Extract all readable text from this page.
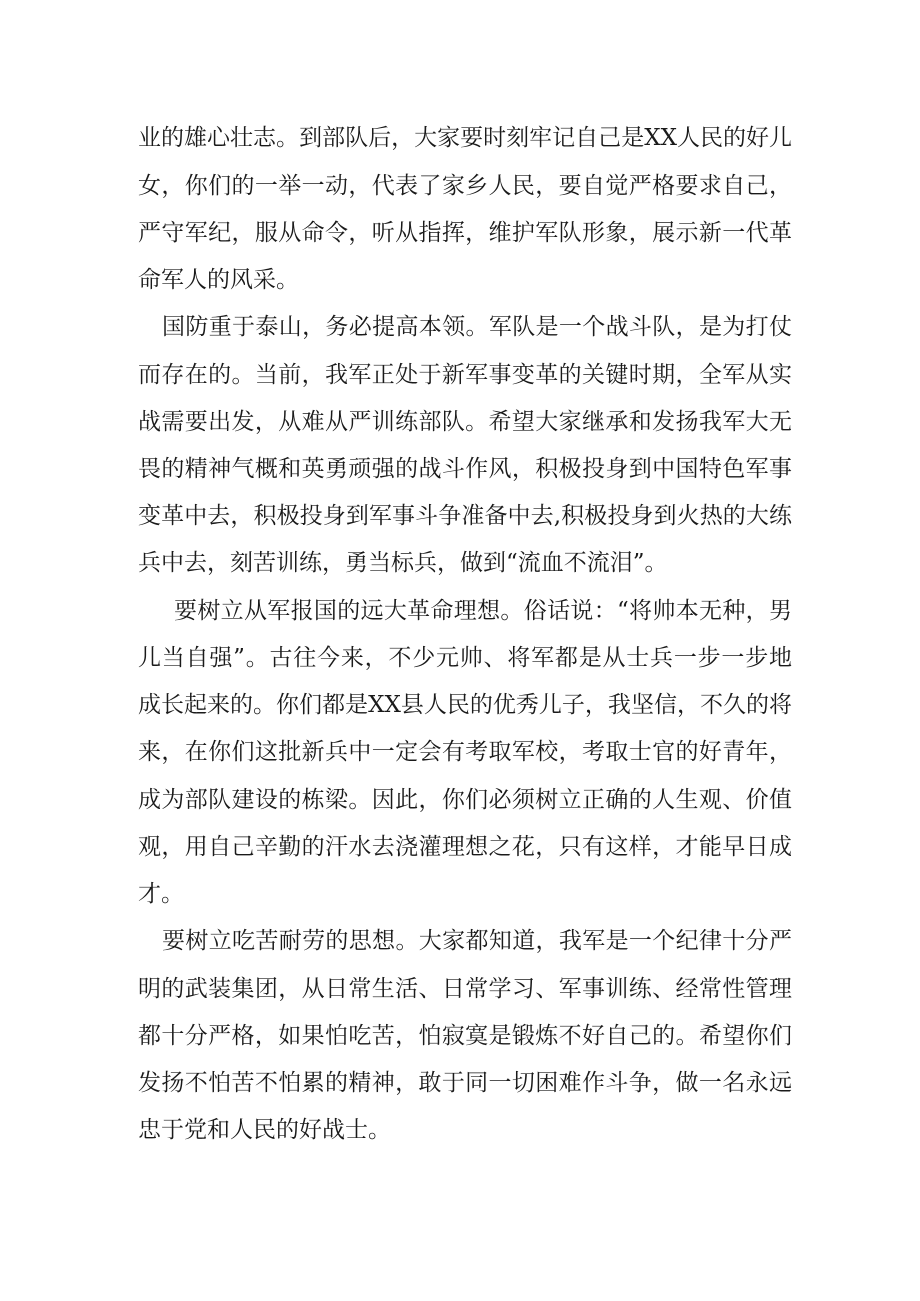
业的雄心壮志。到部队后，大家要时刻牢记自己是XX人民的好儿
女，你们的一举一动，代表了家乡人民，要自觉严格要求自己，
严守军纪，服从命令，听从指挥，维护军队形象，展示新一代革
命军人的风采。
国防重于泰山，务必提高本领。军队是一个战斗队，是为打仗
而存在的。当前，我军正处于新军事变革的关键时期，全军从实
战需要出发，从难从严训练部队。希望大家继承和发扬我军大无
畏的精神气概和英勇顽强的战斗作风，积极投身到中国特色军事
变革中去，积极投身到军事斗争准备中去,积极投身到火热的大练
兵中去，刻苦训练，勇当标兵，做到“流血不流泪”。
要树立从军报国的远大革命理想。俗话说：“将帅本无种，男
儿当自强”。古往今来，不少元帅、将军都是从士兵一步一步地
成长起来的。你们都是XX县人民的优秀儿子，我坚信，不久的将
来，在你们这批新兵中一定会有考取军校，考取士官的好青年，
成为部队建设的栋梁。因此，你们必须树立正确的人生观、价值
观，用自己辛勤的汗水去浇灌理想之花，只有这样，才能早日成
才。
要树立吃苦耐劳的思想。大家都知道，我军是一个纪律十分严
明的武装集团，从日常生活、日常学习、军事训练、经常性管理
都十分严格，如果怕吃苦，怕寂寞是锻炼不好自己的。希望你们
发扬不怕苦不怕累的精神，敢于同一切困难作斗争，做一名永远
忠于党和人民的好战士。
